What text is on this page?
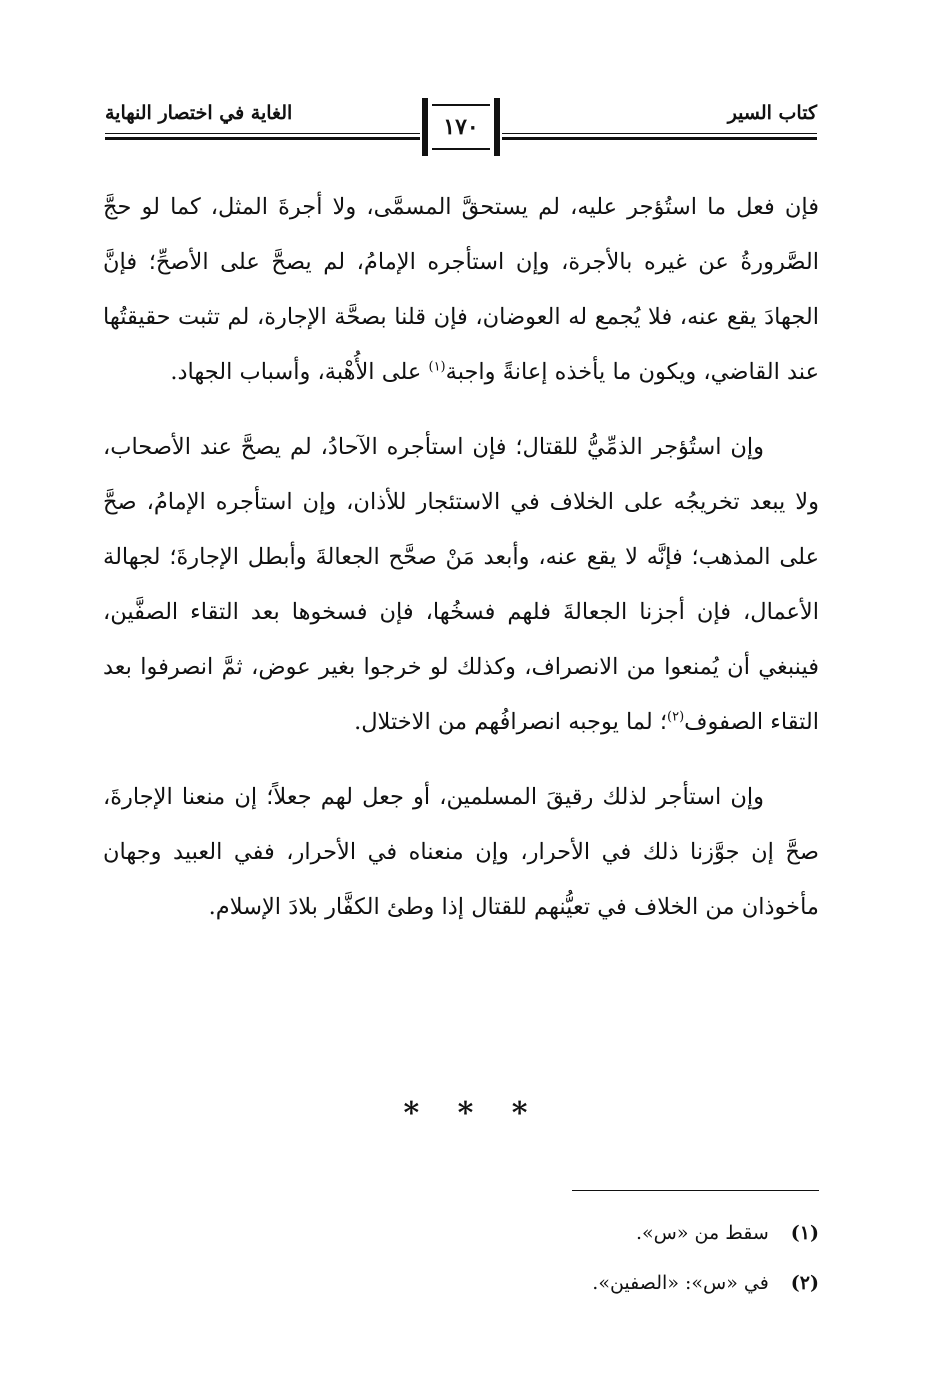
الغاية في اختصار النهاية	كتاب السير
١٧٠

فإن فعل ما استُؤجر عليه، لم يستحقَّ المسمَّى، ولا أجرةَ المثل، كما لو حجَّ الصَّرورةُ عن غيره بالأجرة، وإن استأجره الإمامُ، لم يصحَّ على الأصحِّ؛ فإنَّ الجهادَ يقع عنه، فلا يُجمع له العوضان، فإن قلنا بصحَّة الإجارة، لم تثبت حقيقتُها عند القاضي، ويكون ما يأخذه إعانةً واجبة$^{(١)}$ على الأُهْبة، وأسباب الجهاد.

وإن استُؤجر الذمِّيُّ للقتال؛ فإن استأجره الآحادُ، لم يصحَّ عند الأصحاب، ولا يبعد تخريجُه على الخلاف في الاستئجار للأذان، وإن استأجره الإمامُ، صحَّ على المذهب؛ فإنَّه لا يقع عنه، وأبعد مَنْ صحَّح الجعالةَ وأبطل الإجارةَ؛ لجهالة الأعمال، فإن أجزنا الجعالةَ فلهم فسخُها، فإن فسخوها بعد التقاء الصفَّين، فينبغي أن يُمنعوا من الانصراف، وكذلك لو خرجوا بغير عوض، ثمَّ انصرفوا بعد التقاء الصفوف$^{(٢)}$؛ لما يوجبه انصرافُهم من الاختلال.

وإن استأجر لذلك رقيقَ المسلمين، أو جعل لهم جعلاً؛ إن منعنا الإجارةَ، صحَّ إن جوَّزنا ذلك في الأحرار، وإن منعناه في الأحرار، ففي العبيد وجهان مأخوذان من الخلاف في تعيُّنهم للقتال إذا وطئ الكفَّار بلادَ الإسلام.

* * *
(١)سقط من «س».
(٢)في «س»: «الصفين».
